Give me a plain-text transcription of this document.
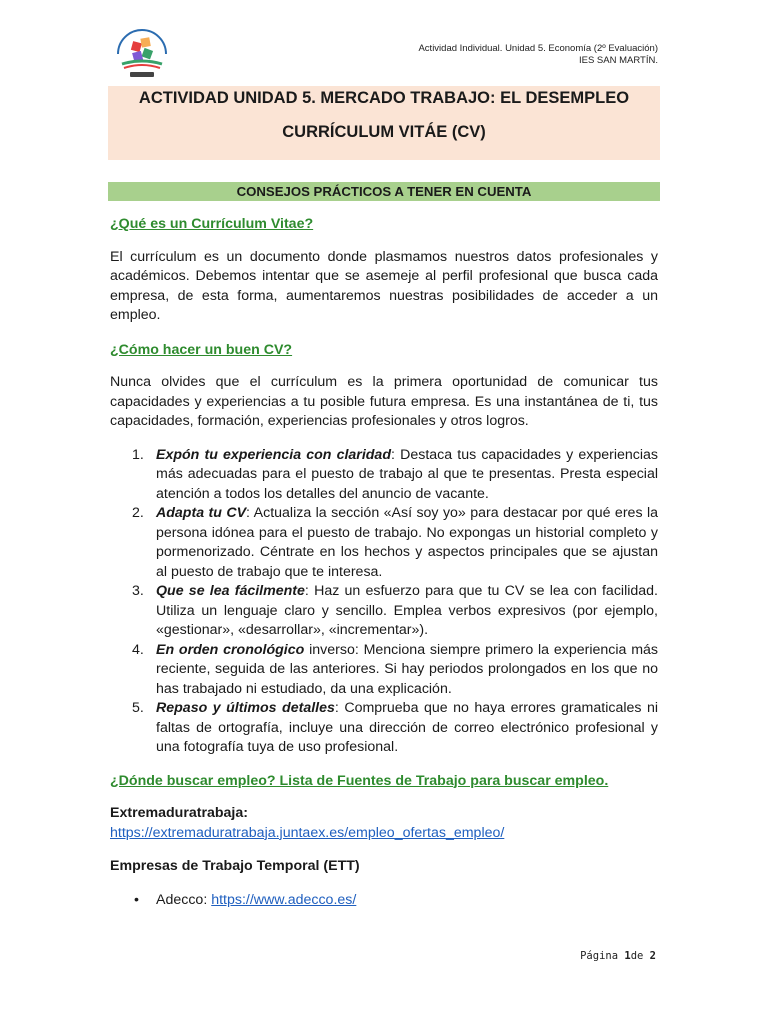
Actividad Individual. Unidad 5. Economía (2º Evaluación)
IES SAN MARTÍN.
ACTIVIDAD UNIDAD 5. MERCADO TRABAJO: EL DESEMPLEO
CURRÍCULUM VITÁE (CV)
CONSEJOS PRÁCTICOS A TENER EN CUENTA

¿Qué es un Currículum Vitae?

El currículum es un documento donde plasmamos nuestros datos profesionales y académicos. Debemos intentar que se asemeje al perfil profesional que busca cada empresa, de esta forma, aumentaremos nuestras posibilidades de acceder a un empleo.

¿Cómo hacer un buen CV?

Nunca olvides que el currículum es la primera oportunidad de comunicar tus capacidades y experiencias a tu posible futura empresa. Es una instantánea de ti, tus capacidades, formación, experiencias profesionales y otros logros.

1. Expón tu experiencia con claridad: Destaca tus capacidades y experiencias más adecuadas para el puesto de trabajo al que te presentas. Presta especial atención a todos los detalles del anuncio de vacante.
2. Adapta tu CV: Actualiza la sección «Así soy yo» para destacar por qué eres la persona idónea para el puesto de trabajo. No expongas un historial completo y pormenorizado. Céntrate en los hechos y aspectos principales que se ajustan al puesto de trabajo que te interesa.
3. Que se lea fácilmente: Haz un esfuerzo para que tu CV se lea con facilidad. Utiliza un lenguaje claro y sencillo. Emplea verbos expresivos (por ejemplo, «gestionar», «desarrollar», «incrementar»).
4. En orden cronológico inverso: Menciona siempre primero la experiencia más reciente, seguida de las anteriores. Si hay periodos prolongados en los que no has trabajado ni estudiado, da una explicación.
5. Repaso y últimos detalles: Comprueba que no haya errores gramaticales ni faltas de ortografía, incluye una dirección de correo electrónico profesional y una fotografía tuya de uso profesional.

¿Dónde buscar empleo? Lista de Fuentes de Trabajo para buscar empleo.

Extremaduratrabaja:

https://extremaduratrabaja.juntaex.es/empleo_ofertas_empleo/

Empresas de Trabajo Temporal (ETT)

• Adecco: https://www.adecco.es/
Página 1de 2
